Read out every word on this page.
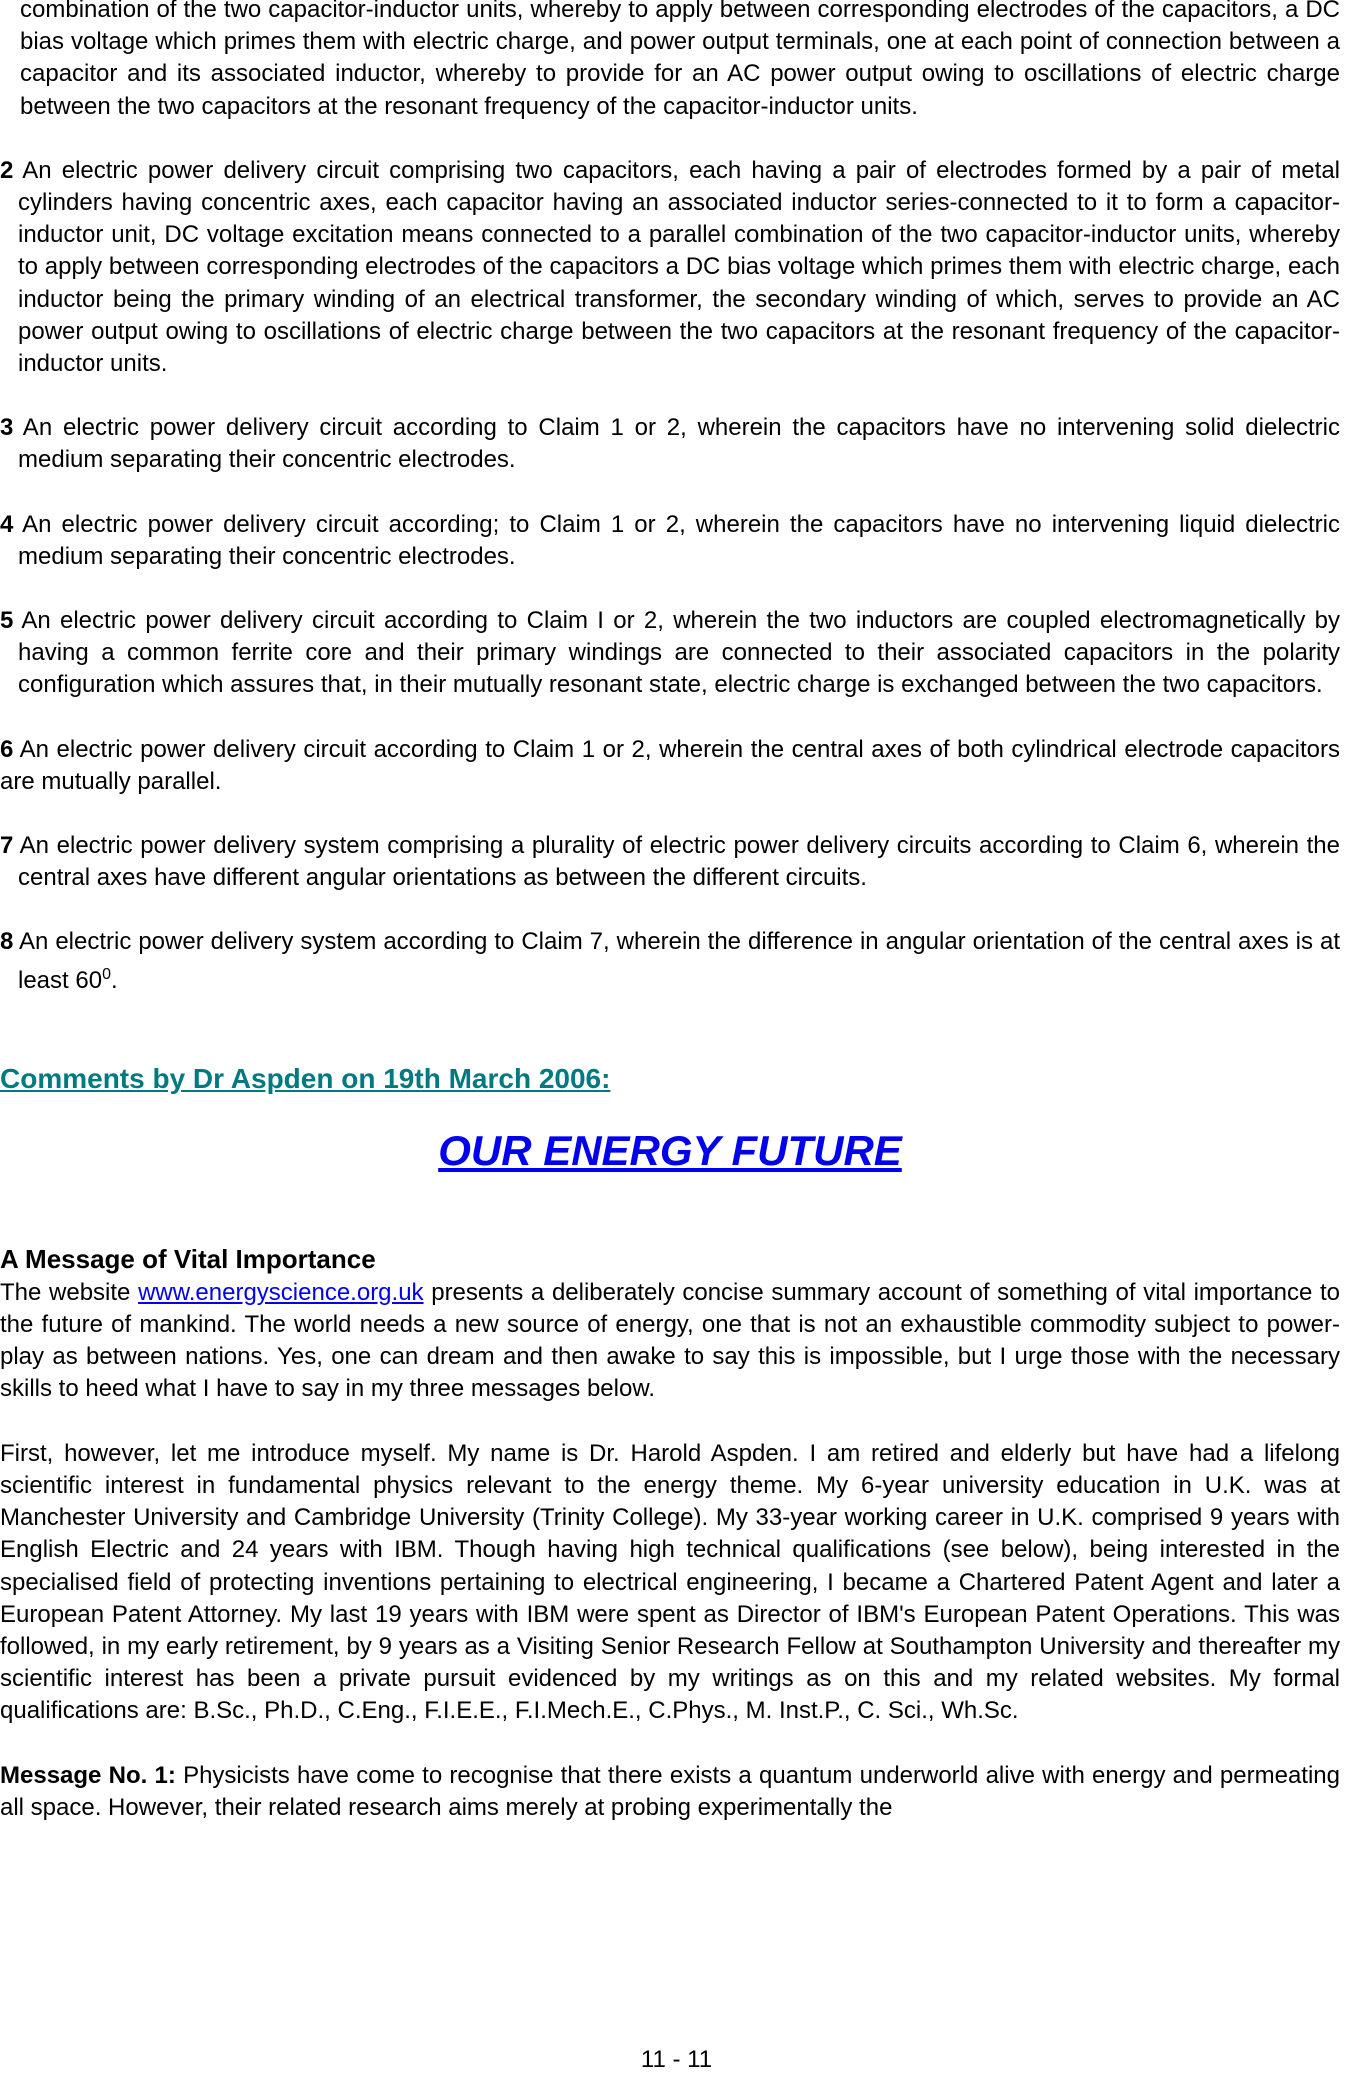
combination of the two capacitor-inductor units, whereby to apply between corresponding electrodes of the capacitors, a DC bias voltage which primes them with electric charge, and power output terminals, one at each point of connection between a capacitor and its associated inductor, whereby to provide for an AC power output owing to oscillations of electric charge between the two capacitors at the resonant frequency of the capacitor-inductor units.

2 An electric power delivery circuit comprising two capacitors, each having a pair of electrodes formed by a pair of metal cylinders having concentric axes, each capacitor having an associated inductor series-connected to it to form a capacitor-inductor unit, DC voltage excitation means connected to a parallel combination of the two capacitor-inductor units, whereby to apply between corresponding electrodes of the capacitors a DC bias voltage which primes them with electric charge, each inductor being the primary winding of an electrical transformer, the secondary winding of which, serves to provide an AC power output owing to oscillations of electric charge between the two capacitors at the resonant frequency of the capacitor-inductor units.

3 An electric power delivery circuit according to Claim 1 or 2, wherein the capacitors have no intervening solid dielectric medium separating their concentric electrodes.

4 An electric power delivery circuit according; to Claim 1 or 2, wherein the capacitors have no intervening liquid dielectric medium separating their concentric electrodes.

5 An electric power delivery circuit according to Claim I or 2, wherein the two inductors are coupled electromagnetically by having a common ferrite core and their primary windings are connected to their associated capacitors in the polarity configuration which assures that, in their mutually resonant state, electric charge is exchanged between the two capacitors.

6 An electric power delivery circuit according to Claim 1 or 2, wherein the central axes of both cylindrical electrode capacitors are mutually parallel.

7 An electric power delivery system comprising a plurality of electric power delivery circuits according to Claim 6, wherein the central axes have different angular orientations as between the different circuits.

8 An electric power delivery system according to Claim 7, wherein the difference in angular orientation of the central axes is at least $60^0$.

Comments by Dr Aspden on 19th March 2006:

OUR ENERGY FUTURE

A Message of Vital Importance

The website www.energyscience.org.uk presents a deliberately concise summary account of something of vital importance to the future of mankind. The world needs a new source of energy, one that is not an exhaustible commodity subject to power-play as between nations. Yes, one can dream and then awake to say this is impossible, but I urge those with the necessary skills to heed what I have to say in my three messages below.

First, however, let me introduce myself. My name is Dr. Harold Aspden. I am retired and elderly but have had a lifelong scientific interest in fundamental physics relevant to the energy theme. My 6-year university education in U.K. was at Manchester University and Cambridge University (Trinity College). My 33-year working career in U.K. comprised 9 years with English Electric and 24 years with IBM. Though having high technical qualifications (see below), being interested in the specialised field of protecting inventions pertaining to electrical engineering, I became a Chartered Patent Agent and later a European Patent Attorney. My last 19 years with IBM were spent as Director of IBM's European Patent Operations. This was followed, in my early retirement, by 9 years as a Visiting Senior Research Fellow at Southampton University and thereafter my scientific interest has been a private pursuit evidenced by my writings as on this and my related websites. My formal qualifications are: B.Sc., Ph.D., C.Eng., F.I.E.E., F.I.Mech.E., C.Phys., M. Inst.P., C. Sci., Wh.Sc.

Message No. 1: Physicists have come to recognise that there exists a quantum underworld alive with energy and permeating all space. However, their related research aims merely at probing experimentally the

11 - 11
